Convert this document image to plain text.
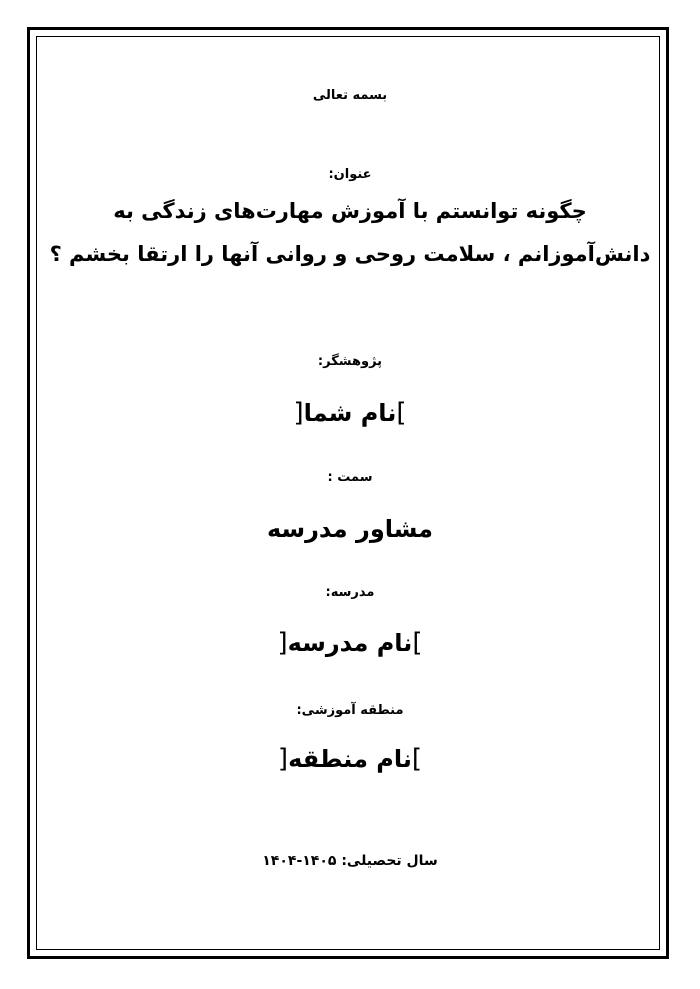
بسمه تعالی
عنوان:
چگونه توانستم با آموزش مهارت‌های زندگی به
دانش‌آموزانم ، سلامت روحی و روانی آنها را ارتقا بخشم ؟
پژوهشگر:
]نام شما[
سمت :
مشاور مدرسه
مدرسه:
]نام مدرسه[
منطقه آموزشی:
]نام منطقه[
سال تحصیلی: ۱۴۰۵-۱۴۰۴
